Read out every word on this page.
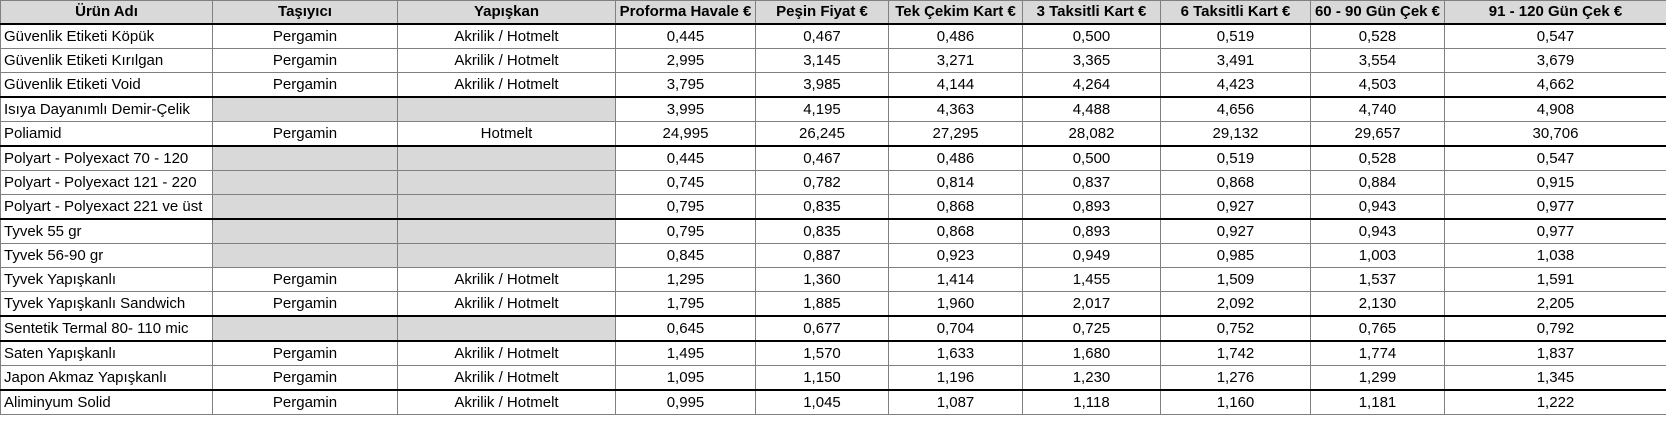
Ürün Adı	Taşıyıcı	Yapışkan	Proforma Havale €	Peşin Fiyat €	Tek Çekim Kart €	3 Taksitli Kart €	6 Taksitli Kart €	60 - 90 Gün Çek €	91 - 120 Gün Çek €
Güvenlik Etiketi Köpük	Pergamin	Akrilik / Hotmelt	0,445	0,467	0,486	0,500	0,519	0,528	0,547
Güvenlik Etiketi Kırılgan	Pergamin	Akrilik / Hotmelt	2,995	3,145	3,271	3,365	3,491	3,554	3,679
Güvenlik Etiketi Void	Pergamin	Akrilik / Hotmelt	3,795	3,985	4,144	4,264	4,423	4,503	4,662
Isıya Dayanımlı Demir-Çelik			3,995	4,195	4,363	4,488	4,656	4,740	4,908
Poliamid	Pergamin	Hotmelt	24,995	26,245	27,295	28,082	29,132	29,657	30,706
Polyart - Polyexact 70 - 120			0,445	0,467	0,486	0,500	0,519	0,528	0,547
Polyart - Polyexact 121 - 220			0,745	0,782	0,814	0,837	0,868	0,884	0,915
Polyart - Polyexact 221 ve üst			0,795	0,835	0,868	0,893	0,927	0,943	0,977
Tyvek 55 gr			0,795	0,835	0,868	0,893	0,927	0,943	0,977
Tyvek 56-90 gr			0,845	0,887	0,923	0,949	0,985	1,003	1,038
Tyvek Yapışkanlı	Pergamin	Akrilik / Hotmelt	1,295	1,360	1,414	1,455	1,509	1,537	1,591
Tyvek Yapışkanlı Sandwich	Pergamin	Akrilik / Hotmelt	1,795	1,885	1,960	2,017	2,092	2,130	2,205
Sentetik Termal 80- 110 mic			0,645	0,677	0,704	0,725	0,752	0,765	0,792
Saten Yapışkanlı	Pergamin	Akrilik / Hotmelt	1,495	1,570	1,633	1,680	1,742	1,774	1,837
Japon Akmaz Yapışkanlı	Pergamin	Akrilik / Hotmelt	1,095	1,150	1,196	1,230	1,276	1,299	1,345
Aliminyum Solid	Pergamin	Akrilik / Hotmelt	0,995	1,045	1,087	1,118	1,160	1,181	1,222
